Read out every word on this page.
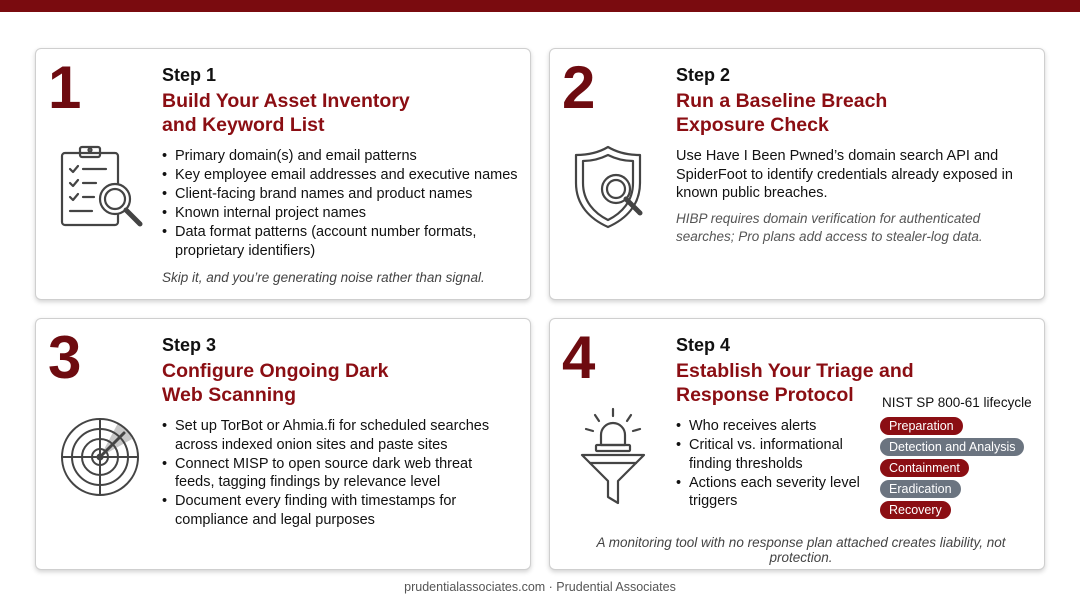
1	Step 1
Build Your Asset Inventory
and Keyword List
• Primary domain(s) and email patterns
• Key employee email addresses and executive names
• Client-facing brand names and product names
• Known internal project names
• Data format patterns (account number formats, proprietary identifiers)
Skip it, and you’re generating noise rather than signal.
2	Step 2
Run a Baseline Breach
Exposure Check
Use Have I Been Pwned’s domain search API and SpiderFoot to identify credentials already exposed in known public breaches.
HIBP requires domain verification for authenticated searches; Pro plans add access to stealer-log data.
3	Step 3
Configure Ongoing Dark
Web Scanning
• Set up TorBot or Ahmia.fi for scheduled searches across indexed onion sites and paste sites
• Connect MISP to open source dark web threat feeds, tagging findings by relevance level
• Document every finding with timestamps for compliance and legal purposes
4	Step 4
Establish Your Triage and
Response Protocol
• Who receives alerts
• Critical vs. informational finding thresholds
• Actions each severity level triggers
NIST SP 800-61 lifecycle
Preparation
Detection and Analysis
Containment
Eradication
Recovery
A monitoring tool with no response plan attached creates liability, not protection.
prudentialassociates.com · Prudential Associates
